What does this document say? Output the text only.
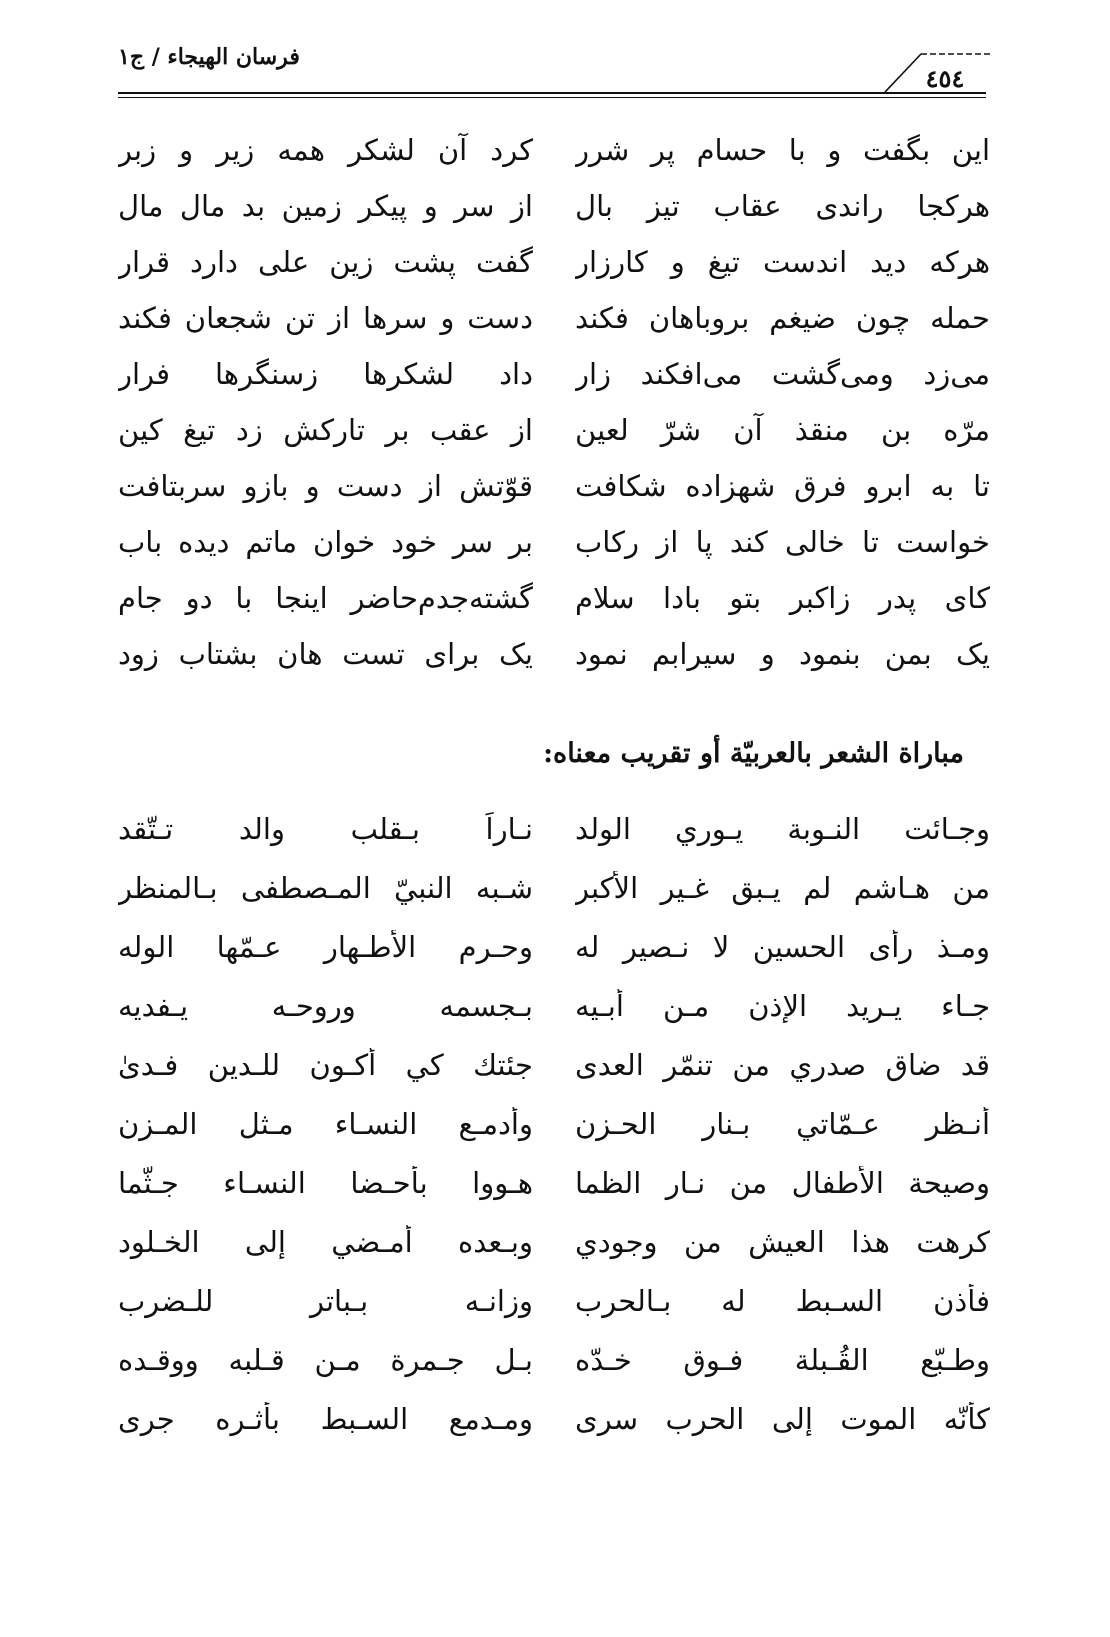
فرسان الهيجاء / ج١
٤٥٤
این بگفت و با حسام پر شرر
کرد آن لشکر همه زیر و زبر
هرکجا راندی عقاب تیز بال
از سر و پیکر زمین بد مال مال
هرکه دید اندست تیغ و کارزار
گفت پشت زین علی دارد قرار
حمله چون ضیغم بروباهان فکند
دست و سرها از تن شجعان فکند
می‌زد ومی‌گشت می‌افکند زار
داد لشکرها زسنگرها فرار
مرّه بن منقذ آن شرّ لعین
از عقب بر تارکش زد تیغ کین
تا به ابرو فرق شهزاده شکافت
قوّتش از دست و بازو سربتافت
خواست تا خالی کند پا از رکاب
بر سر خود خوان ماتم دیده باب
کای پدر زاکبر بتو بادا سلام
گشته‌جدم‌حاضر اینجا با دو جام
یک بمن بنمود و سیرابم نمود
یک برای تست هان بشتاب زود
مباراة الشعر بالعربيّة أو تقريب معناه:
وجـائت النـوبة يـوري الولد
نـاراً بـقلب والد تـتّقد
من هـاشم لم يـبق غـير الأكبر
شـبه النبيّ المـصطفى بـالمنظر
ومـذ رأى الحسين لا نـصير له
وحـرم الأطـهار عـمّها الوله
جـاء يـريد الإذن مـن أبـيه
بـجسمه وروحـه يـفديه
قد ضاق صدري من تنمّر العدى
جئتك كي أكـون للـدين فـدىٰ
أنـظر عـمّاتي بـنار الحـزن
وأدمـع النسـاء مـثل المـزن
وصيحة الأطفال من نـار الظما
هـووا بأحـضا النسـاء جـثّما
كرهت هذا العيش من وجودي
وبـعده أمـضي إلى الخـلود
فأذن السـبط له بـالحرب
وزانـه بـباتر للـضرب
وطـبّع القُـبلة فـوق خـدّه
بـل جـمرة مـن قـلبه ووقـده
كأنّه الموت إلى الحرب سرى
ومـدمع السـبط بأثـره جرى
